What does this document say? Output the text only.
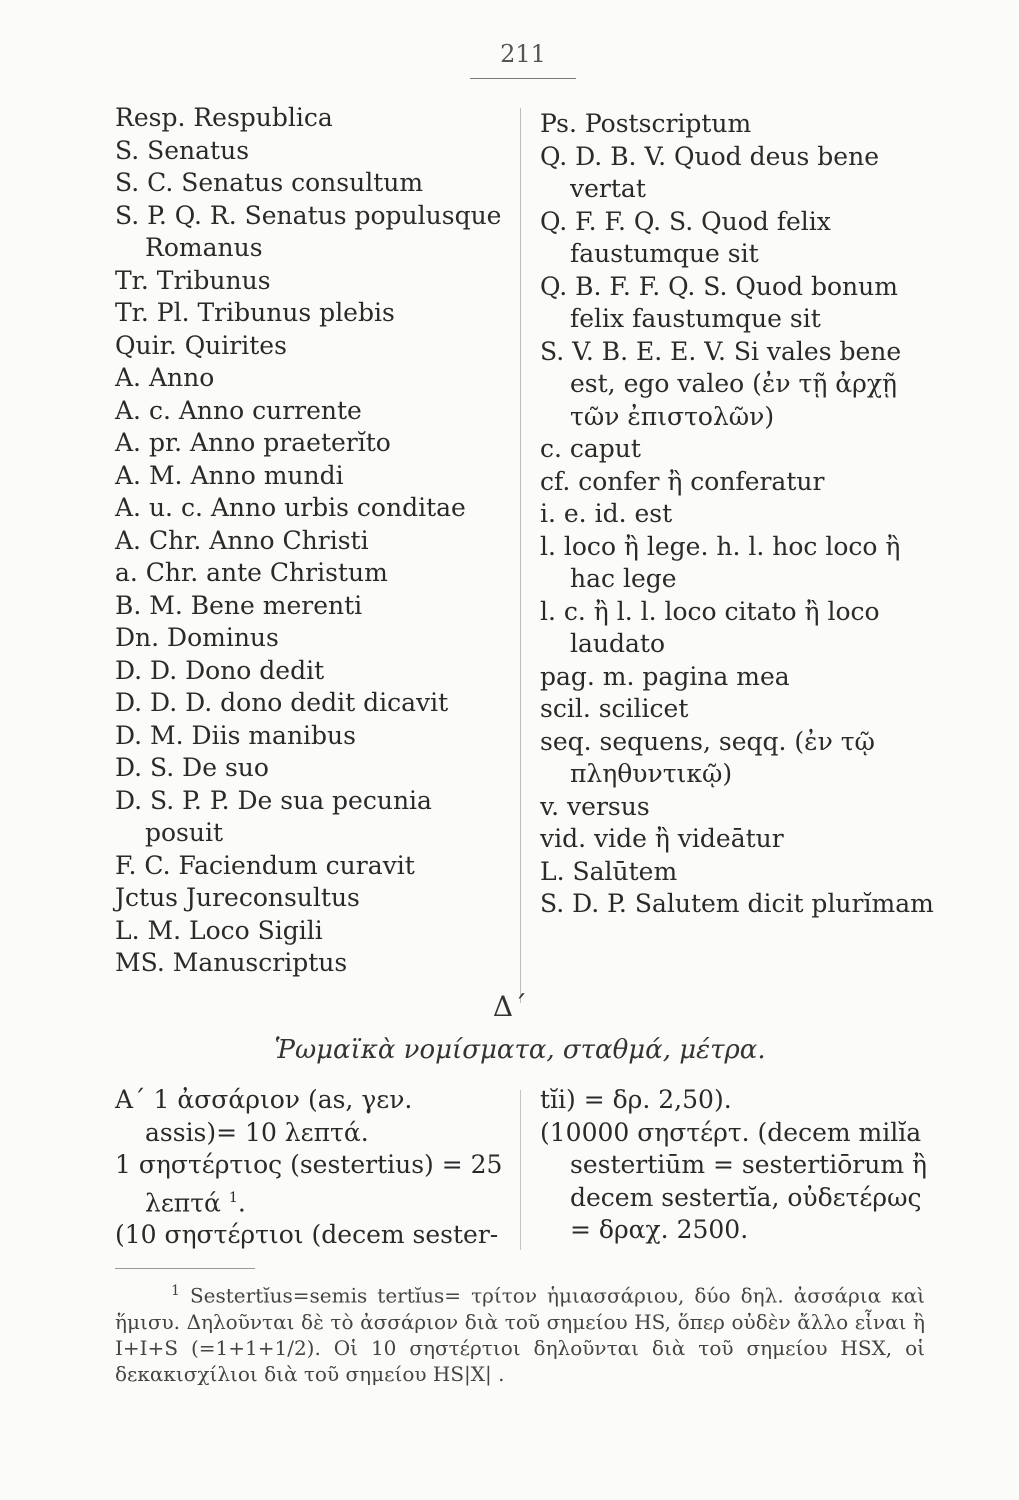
211
Resp. Respublica
S. Senatus
S. C. Senatus consultum
S. P. Q. R. Senatus populusque Romanus
Tr. Tribunus
Tr. Pl. Tribunus plebis
Quir. Quirites
A. Anno
A. c. Anno currente
A. pr. Anno praeterĭto
A. M. Anno mundi
A. u. c. Anno urbis conditae
A. Chr. Anno Christi
a. Chr. ante Christum
B. M. Bene merenti
Dn. Dominus
D. D. Dono dedit
D. D. D. dono dedit dicavit
D. M. Diis manibus
D. S. De suo
D. S. P. P. De sua pecunia posuit
F. C. Faciendum curavit
Jctus Jureconsultus
L. M. Loco Sigili
MS. Manuscriptus
Ps. Postscriptum
Q. D. B. V. Quod deus bene vertat
Q. F. F. Q. S. Quod felix faustumque sit
Q. B. F. F. Q. S. Quod bonum felix faustumque sit
S. V. B. E. E. V. Si vales bene est, ego valeo (ἐν τῇ ἀρχῇ τῶν ἐπιστολῶν)
c. caput
cf. confer ἢ conferatur
i. e. id. est
l. loco ἢ lege. h. l. hoc loco ἢ hac lege
l. c. ἢ l. l. loco citato ἢ loco laudato
pag. m. pagina mea
scil. scilicet
seq. sequens, seqq. (ἐν τῷ πληθυντικῷ)
v. versus
vid. vide ἢ videātur
L. Salūtem
S. D. P. Salutem dicit plurĭmam
Δ´
Ῥωμαϊκὰ νομίσματα, σταθμά, μέτρα.
Α´ 1 ἀσσάριον (as, γεν. assis)= 10 λεπτά.
1 σηστέρτιος (sestertius) = 25 λεπτά $^1$.
(10 σηστέρτιοι (decem sester-
tĭi) = δρ. 2,50).
(10000 σηστέρτ. (decem milĭa sestertiūm = sestertiōrum ἢ decem sestertĭa, οὐδετέρως = δραχ. 2500.
$^1$ Sestertĭus=semis tertĭus= τρίτον ἡμιασσάριου, δύο δηλ. ἀσσάρια καὶ ἥμισυ. Δηλοῦνται δὲ τὸ ἀσσάριον διὰ τοῦ σημείου HS, ὅπερ οὐδὲν ἄλλο εἶναι ἢ I+I+S (=1+1+1/2). Οἱ 10 σηστέρτιοι δηλοῦνται διὰ τοῦ σημείου HSX, οἱ δεκακισχίλιοι διὰ τοῦ σημείου HS|X| .
